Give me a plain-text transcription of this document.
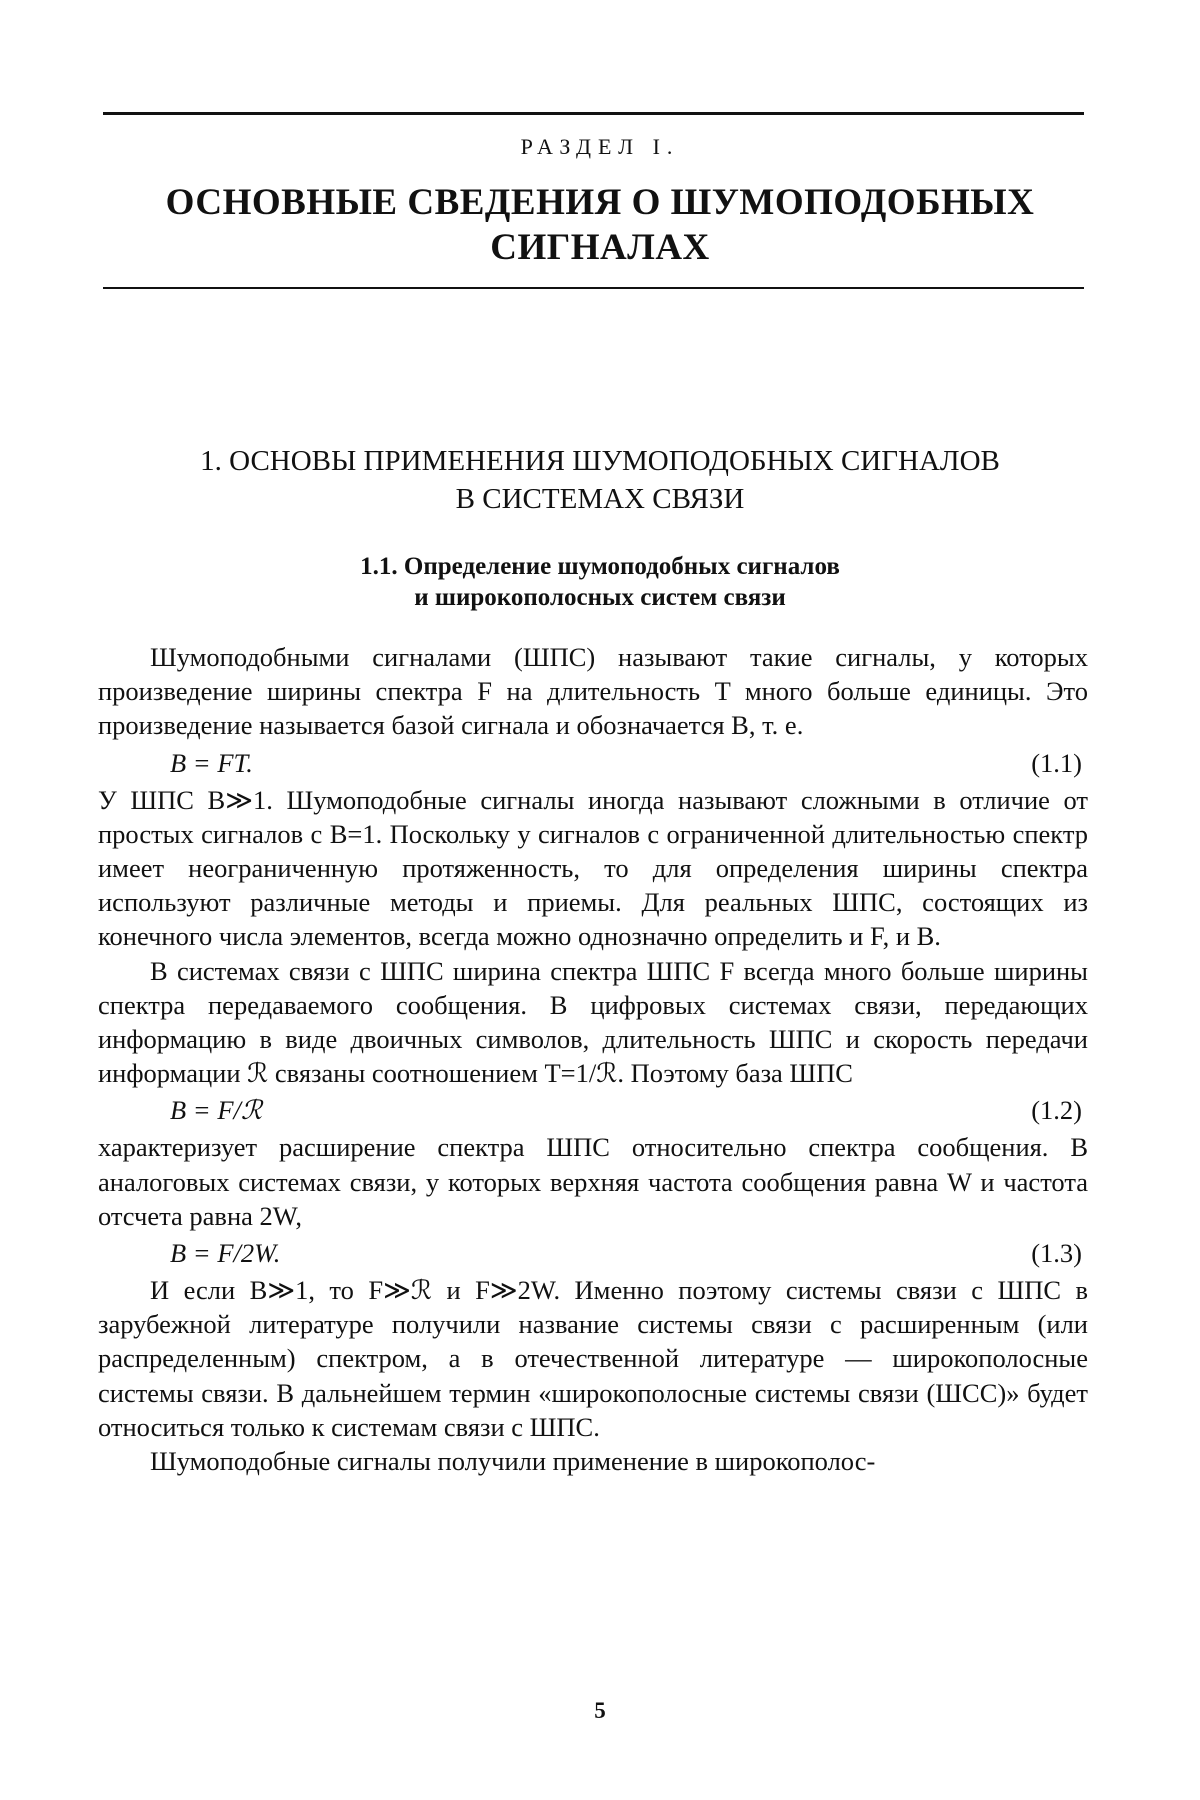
РАЗДЕЛ I.
ОСНОВНЫЕ СВЕДЕНИЯ О ШУМОПОДОБНЫХ
СИГНАЛАХ
1. ОСНОВЫ ПРИМЕНЕНИЯ ШУМОПОДОБНЫХ СИГНАЛОВ
В СИСТЕМАХ СВЯЗИ
1.1. Определение шумоподобных сигналов
и широкополосных систем связи

Шумоподобными сигналами (ШПС) называют такие сигналы, у которых произведение ширины спектра F на длительность T много больше единицы. Это произведение называется базой сигнала и обозначается B, т. е.

B = FT.	(1.1)

У ШПС B≫1. Шумоподобные сигналы иногда называют сложными в отличие от простых сигналов с B=1. Поскольку у сигналов с ограниченной длительностью спектр имеет неограниченную протяженность, то для определения ширины спектра используют различные методы и приемы. Для реальных ШПС, состоящих из конечного числа элементов, всегда можно однозначно определить и F, и B.

В системах связи с ШПС ширина спектра ШПС F всегда много больше ширины спектра передаваемого сообщения. В цифровых системах связи, передающих информацию в виде двоичных символов, длительность ШПС и скорость передачи информации ℛ связаны соотношением T=1/ℛ. Поэтому база ШПС

B = F/ℛ	(1.2)

характеризует расширение спектра ШПС относительно спектра сообщения. В аналоговых системах связи, у которых верхняя частота сообщения равна W и частота отсчета равна 2W,

B = F/2W.	(1.3)

И если B≫1, то F≫ℛ и F≫2W. Именно поэтому системы связи с ШПС в зарубежной литературе получили название системы связи с расширенным (или распределенным) спектром, а в отечественной литературе — широкополосные системы связи. В дальнейшем термин «широкополосные системы связи (ШСС)» будет относиться только к системам связи с ШПС.

Шумоподобные сигналы получили применение в широкополос-

5
